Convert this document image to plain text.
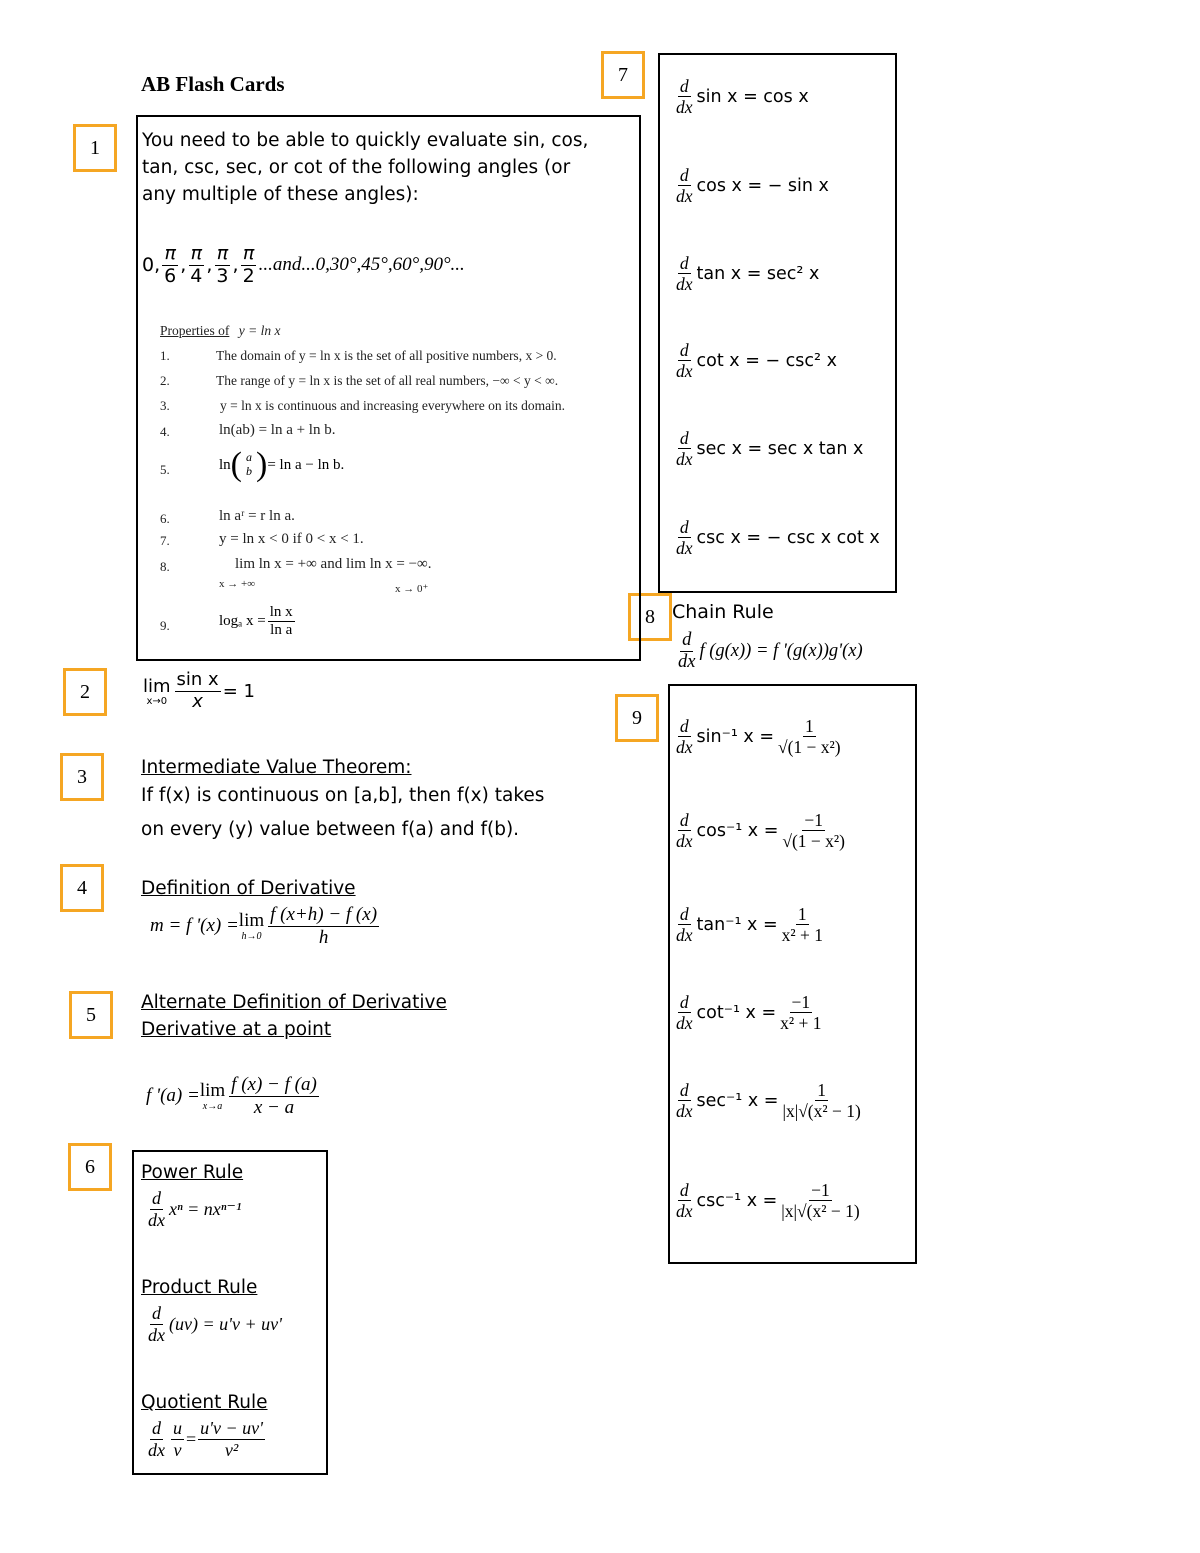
AB Flash Cards
1
2
3
4
5
6
7
8
9
You need to be able to quickly evaluate sin, cos,
tan, csc, sec, or cot of the following angles (or
any multiple of these angles):
0, $\frac{\pi}{6}$ , $\frac{\pi}{4}$ , $\frac{\pi}{3}$ , $\frac{\pi}{2} ...and...0,30^\circ,45^\circ,60^\circ,90^\circ$...
Properties of y = ln x
1.	The domain of y = ln x is the set of all positive numbers, x > 0.
2.	The range of y = ln x is the set of all real numbers, −∞ < y < ∞.
3.	y = ln x is continuous and increasing everywhere on its domain.
4.	ln(ab) = ln a + ln b.
5.	ln ( a
b ) = ln a − ln b.
6.	ln aʳ = r ln a.
7.	y = ln x < 0 if 0 < x < 1.
8.	lim ln x = +∞ and lim ln x = −∞.
x → +∞	x → 0⁺
9.	logₐ $x = \frac{\text{ln x}}{\text{ln a}}$
lim
$x\to 0 \frac{\text{sin x}}{x} = 1$
Intermediate Value Theorem:
If f(x) is continuous on [a,b], then f(x) takes
on every (y) value between f(a) and f(b).
Definition of Derivative
m = f '(x) = lim
$h\to 0 \frac{f (x+h) - f (x)}{h}$
Alternate Definition of Derivative
Derivative at a point
f '(a) = lim
$x\to a \frac{f (x) - f (a)}{x - a}$
Power Rule
$\frac{d}{dx}$ xⁿ = nxⁿ⁻¹
Product Rule
$\frac{d}{dx} (uv) = u'v + uv'$
Quotient Rule
$\frac{d}{dx} \frac{u}{v} = \frac{u'v - uv'}{\text{v²}}$
$\frac{d}{dx}$ sin x = cos x
$\frac{d}{dx}$ cos x = − sin x
$\frac{d}{dx}$ tan x = sec² x
$\frac{d}{dx}$ cot x = − csc² x
$\frac{d}{dx}$ sec x = sec x tan x
$\frac{d}{dx}$ csc x = − csc x cot x
Chain Rule
$\frac{d}{dx}$ f (g(x)) = f '(g(x))g'(x)
$\frac{d}{dx} \sin^{-1}$ $x = \frac{1}{\text{√(1 − x²)}}$
$\frac{d}{dx} \cos^{-1}$ $x = \frac{-1}{\text{√(1 − x²)}}$
$\frac{d}{dx} \tan^{-1}$ $x = \frac{1}{\text{x² + 1}}$
$\frac{d}{dx} \cot^{-1}$ $x = \frac{-1}{\text{x² + 1}}$
$\frac{d}{dx} \sec^{-1}$ $x = \frac{1}{\text{|x|√(x² − 1)}}$
$\frac{d}{dx} \csc^{-1}$ $x = \frac{-1}{\text{|x|√(x² − 1)}}$
